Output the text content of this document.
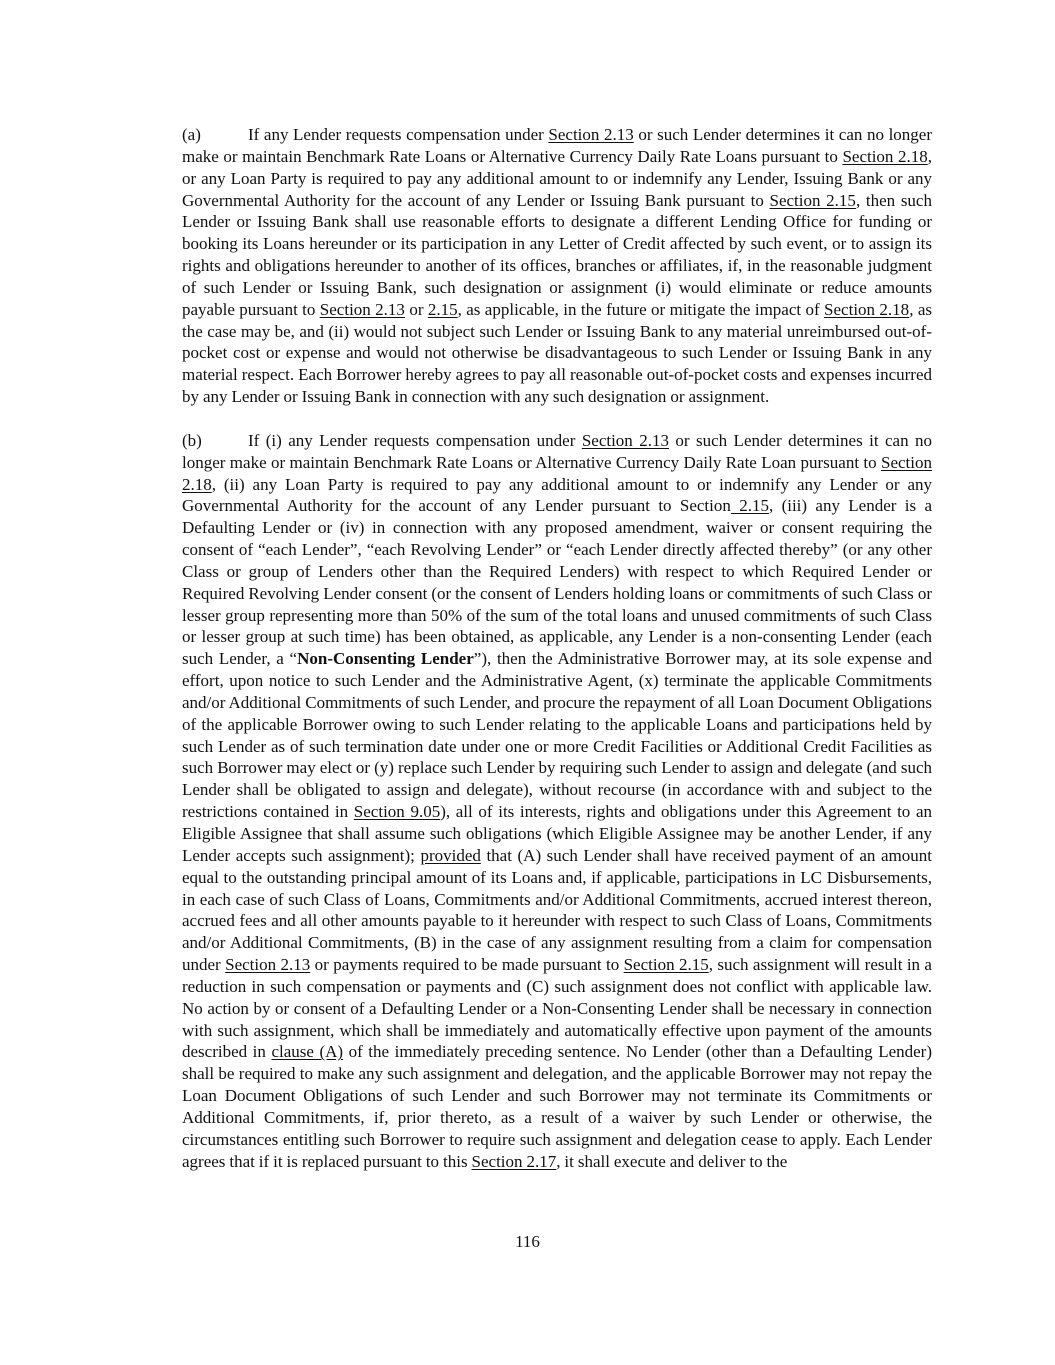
(a)	If any Lender requests compensation under Section 2.13 or such Lender determines it can no longer make or maintain Benchmark Rate Loans or Alternative Currency Daily Rate Loans pursuant to Section 2.18, or any Loan Party is required to pay any additional amount to or indemnify any Lender, Issuing Bank or any Governmental Authority for the account of any Lender or Issuing Bank pursuant to Section 2.15, then such Lender or Issuing Bank shall use reasonable efforts to designate a different Lending Office for funding or booking its Loans hereunder or its participation in any Letter of Credit affected by such event, or to assign its rights and obligations hereunder to another of its offices, branches or affiliates, if, in the reasonable judgment of such Lender or Issuing Bank, such designation or assignment (i) would eliminate or reduce amounts payable pursuant to Section 2.13 or 2.15, as applicable, in the future or mitigate the impact of Section 2.18, as the case may be, and (ii) would not subject such Lender or Issuing Bank to any material unreimbursed out-of-pocket cost or expense and would not otherwise be disadvantageous to such Lender or Issuing Bank in any material respect. Each Borrower hereby agrees to pay all reasonable out-of-pocket costs and expenses incurred by any Lender or Issuing Bank in connection with any such designation or assignment.

(b)	If (i) any Lender requests compensation under Section 2.13 or such Lender determines it can no longer make or maintain Benchmark Rate Loans or Alternative Currency Daily Rate Loan pursuant to Section 2.18, (ii) any Loan Party is required to pay any additional amount to or indemnify any Lender or any Governmental Authority for the account of any Lender pursuant to Section 2.15, (iii) any Lender is a Defaulting Lender or (iv) in connection with any proposed amendment, waiver or consent requiring the consent of “each Lender”, “each Revolving Lender” or “each Lender directly affected thereby” (or any other Class or group of Lenders other than the Required Lenders) with respect to which Required Lender or Required Revolving Lender consent (or the consent of Lenders holding loans or commitments of such Class or lesser group representing more than 50% of the sum of the total loans and unused commitments of such Class or lesser group at such time) has been obtained, as applicable, any Lender is a non-consenting Lender (each such Lender, a “Non-Consenting Lender”), then the Administrative Borrower may, at its sole expense and effort, upon notice to such Lender and the Administrative Agent, (x) terminate the applicable Commitments and/or Additional Commitments of such Lender, and procure the repayment of all Loan Document Obligations of the applicable Borrower owing to such Lender relating to the applicable Loans and participations held by such Lender as of such termination date under one or more Credit Facilities or Additional Credit Facilities as such Borrower may elect or (y) replace such Lender by requiring such Lender to assign and delegate (and such Lender shall be obligated to assign and delegate), without recourse (in accordance with and subject to the restrictions contained in Section 9.05), all of its interests, rights and obligations under this Agreement to an Eligible Assignee that shall assume such obligations (which Eligible Assignee may be another Lender, if any Lender accepts such assignment); provided that (A) such Lender shall have received payment of an amount equal to the outstanding principal amount of its Loans and, if applicable, participations in LC Disbursements, in each case of such Class of Loans, Commitments and/or Additional Commitments, accrued interest thereon, accrued fees and all other amounts payable to it hereunder with respect to such Class of Loans, Commitments and/or Additional Commitments, (B) in the case of any assignment resulting from a claim for compensation under Section 2.13 or payments required to be made pursuant to Section 2.15, such assignment will result in a reduction in such compensation or payments and (C) such assignment does not conflict with applicable law. No action by or consent of a Defaulting Lender or a Non-Consenting Lender shall be necessary in connection with such assignment, which shall be immediately and automatically effective upon payment of the amounts described in clause (A) of the immediately preceding sentence. No Lender (other than a Defaulting Lender) shall be required to make any such assignment and delegation, and the applicable Borrower may not repay the Loan Document Obligations of such Lender and such Borrower may not terminate its Commitments or Additional Commitments, if, prior thereto, as a result of a waiver by such Lender or otherwise, the circumstances entitling such Borrower to require such assignment and delegation cease to apply. Each Lender agrees that if it is replaced pursuant to this Section 2.17, it shall execute and deliver to the

116
